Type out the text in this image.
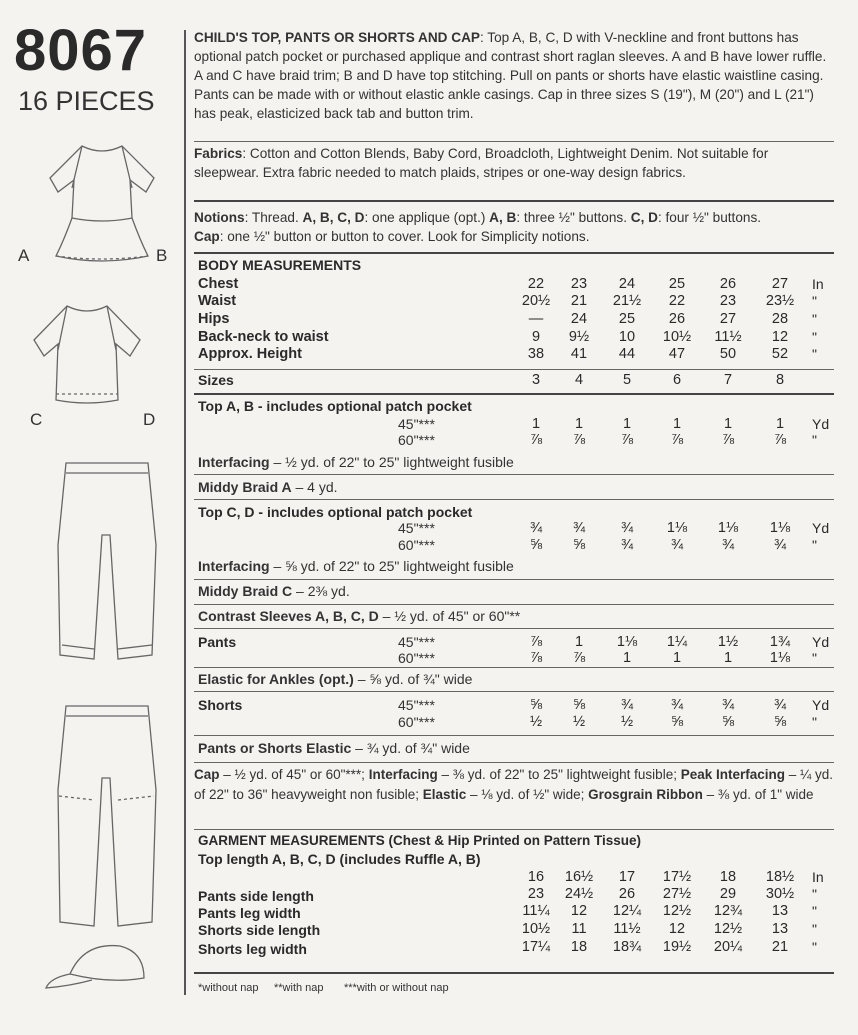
8067
16 PIECES
A	B
C	D
CHILD'S TOP, PANTS OR SHORTS AND CAP: Top A, B, C, D with V-neckline and front buttons has optional patch pocket or purchased applique and contrast short raglan sleeves. A and B have lower ruffle. A and C have braid trim; B and D have top stitching. Pull on pants or shorts have elastic waistline casing. Pants can be made with or without elastic ankle casings. Cap in three sizes S (19"), M (20") and L (21") has peak, elasticized back tab and button trim.
Fabrics: Cotton and Cotton Blends, Baby Cord, Broadcloth, Lightweight Denim. Not suitable for sleepwear. Extra fabric needed to match plaids, stripes or one-way design fabrics.
Notions: Thread. A, B, C, D: one applique (opt.) A, B: three ½" buttons. C, D: four ½" buttons.
Cap: one ½" button or button to cover. Look for Simplicity notions.
BODY MEASUREMENTS
Chest	22	23	24	25	26	27	In
Waist	20½	21	21½	22	23	23½ "
Hips	—	24	25	26	27	28	"
Back-neck to waist	9	9½	10	10½	11½	12	"
Approx. Height	38	41	44	47	50	52	"
Sizes	3	4	5	6	7	8
Top A, B - includes optional patch pocket
45"***	1	1	1	1	1	1	Yd
60"***	⅞	⅞	⅞	⅞	⅞	⅞	"
Interfacing – ½ yd. of 22" to 25" lightweight fusible
Middy Braid A – 4 yd.
Top C, D - includes optional patch pocket
45"***	¾	¾	¾	1⅛	1⅛	1⅛	Yd
60"***	⅝	⅝	¾	¾	¾	¾	"
Interfacing – ⅝ yd. of 22" to 25" lightweight fusible
Middy Braid C – 2⅜ yd.
Contrast Sleeves A, B, C, D – ½ yd. of 45" or 60"**
Pants	45"***	⅞	1	1⅛	1¼	1½	1¾	Yd
60"***	⅞	⅞	1	1	1	1⅛	"
Elastic for Ankles (opt.) – ⅝ yd. of ¾" wide
Shorts	45"***	⅝	⅝	¾	¾	¾	¾	Yd
60"***	½	½	½	⅝	⅝	⅝	"
Pants or Shorts Elastic – ¾ yd. of ¾" wide
Cap – ½ yd. of 45" or 60"***; Interfacing – ⅜ yd. of 22" to 25" lightweight fusible; Peak Interfacing – ¼ yd. of 22" to 36" heavyweight non fusible; Elastic – ⅛ yd. of ½" wide; Grosgrain Ribbon – ⅜ yd. of 1" wide
GARMENT MEASUREMENTS (Chest & Hip Printed on Pattern Tissue)
Top length A, B, C, D (includes Ruffle A, B)
16	16½	17	17½	18	18½ In
Pants side length	23	24½	26	27½	29	30½ "
Pants leg width	11¼	12	12¼ 12½ 12¾	13	"
Shorts side length	10½	11	11½	12	12½	13	"
Shorts leg width	17¼	18	18¾ 19½ 20¼	21	"
*without nap **with nap ***with or without nap
